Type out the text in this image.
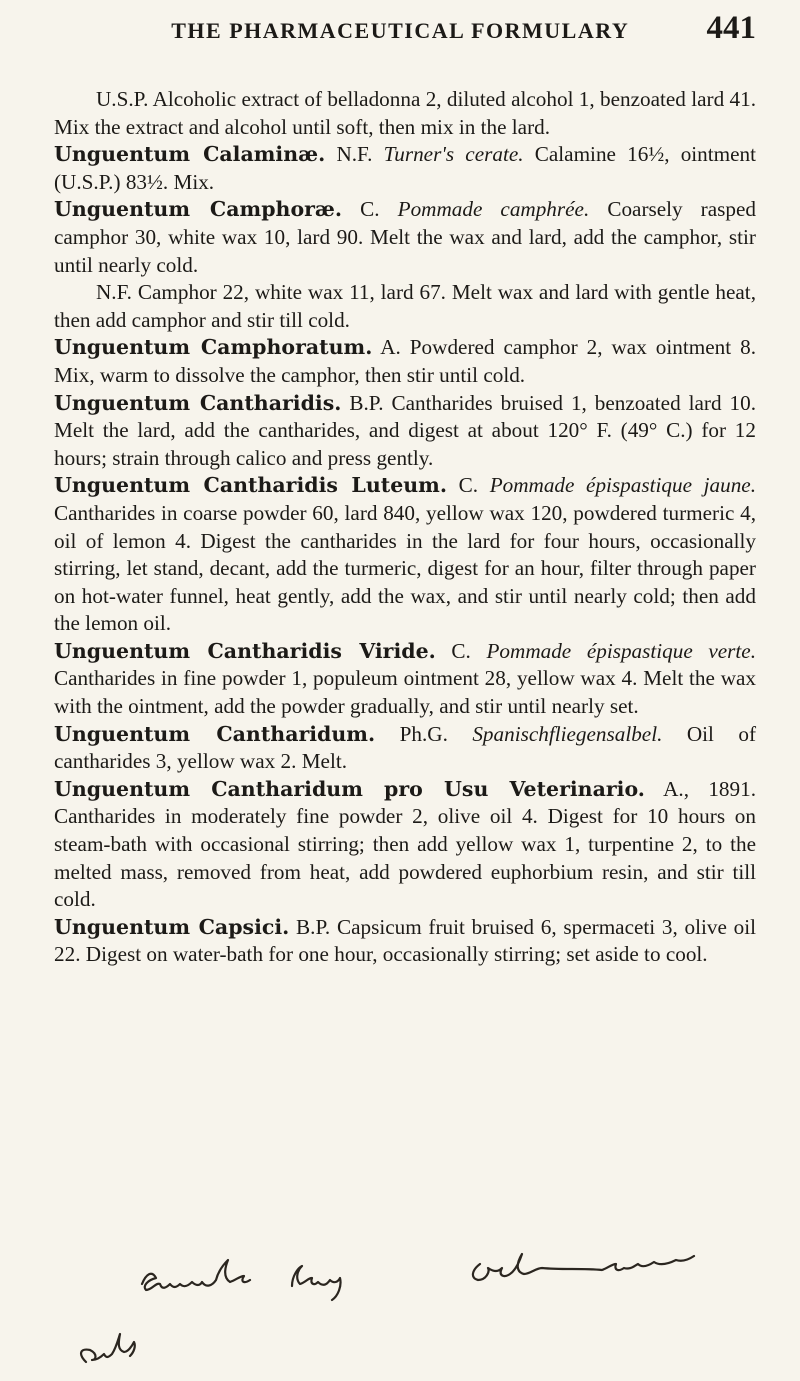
THE PHARMACEUTICAL FORMULARY	441

U.S.P. Alcoholic extract of belladonna 2, diluted alcohol 1, benzoated lard 41. Mix the extract and alcohol until soft, then mix in the lard.

Unguentum Calaminæ. N.F. Turner's cerate. Calamine 16½, ointment (U.S.P.) 83½. Mix.

Unguentum Camphoræ. C. Pommade camphrée. Coarsely rasped camphor 30, white wax 10, lard 90. Melt the wax and lard, add the camphor, stir until nearly cold.

N.F. Camphor 22, white wax 11, lard 67. Melt wax and lard with gentle heat, then add camphor and stir till cold.

Unguentum Camphoratum. A. Powdered camphor 2, wax ointment 8. Mix, warm to dissolve the camphor, then stir until cold.

Unguentum Cantharidis. B.P. Cantharides bruised 1, benzoated lard 10. Melt the lard, add the cantharides, and digest at about 120° F. (49° C.) for 12 hours; strain through calico and press gently.

Unguentum Cantharidis Luteum. C. Pommade épispastique jaune. Cantharides in coarse powder 60, lard 840, yellow wax 120, powdered turmeric 4, oil of lemon 4. Digest the cantharides in the lard for four hours, occasionally stirring, let stand, decant, add the turmeric, digest for an hour, filter through paper on hot-water funnel, heat gently, add the wax, and stir until nearly cold; then add the lemon oil.

Unguentum Cantharidis Viride. C. Pommade épispastique verte. Cantharides in fine powder 1, populeum ointment 28, yellow wax 4. Melt the wax with the ointment, add the powder gradually, and stir until nearly set.

Unguentum Cantharidum. Ph.G. Spanischfliegensalbel. Oil of cantharides 3, yellow wax 2. Melt.

Unguentum Cantharidum pro Usu Veterinario. A., 1891. Cantharides in moderately fine powder 2, olive oil 4. Digest for 10 hours on steam-bath with occasional stirring; then add yellow wax 1, turpentine 2, to the melted mass, removed from heat, add powdered euphorbium resin, and stir till cold.

Unguentum Capsici. B.P. Capsicum fruit bruised 6, spermaceti 3, olive oil 22. Digest on water-bath for one hour, occasionally stirring; set aside to cool.
